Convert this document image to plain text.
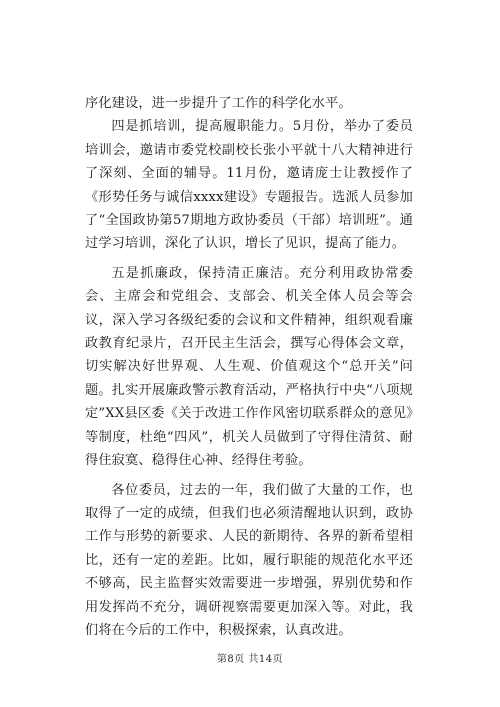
序化建设，进一步提升了工作的科学化水平。

四是抓培训，提高履职能力。5月份，举办了委员培训会，邀请市委党校副校长张小平就十八大精神进行了深刻、全面的辅导。11月份，邀请庞士让教授作了《形势任务与诚信xxxx建设》专题报告。选派人员参加了“全国政协第57期地方政协委员（干部）培训班”。通过学习培训，深化了认识，增长了见识，提高了能力。

五是抓廉政，保持清正廉洁。充分利用政协常委会、主席会和党组会、支部会、机关全体人员会等会议，深入学习各级纪委的会议和文件精神，组织观看廉政教育纪录片，召开民主生活会，撰写心得体会文章，切实解决好世界观、人生观、价值观这个“总开关”问题。扎实开展廉政警示教育活动，严格执行中央“八项规定”XX县区委《关于改进工作作风密切联系群众的意见》等制度，杜绝“四风”，机关人员做到了守得住清贫、耐得住寂寞、稳得住心神、经得住考验。

各位委员，过去的一年，我们做了大量的工作，也取得了一定的成绩，但我们也必须清醒地认识到，政协工作与形势的新要求、人民的新期待、各界的新希望相比，还有一定的差距。比如，履行职能的规范化水平还不够高，民主监督实效需要进一步增强，界别优势和作用发挥尚不充分，调研视察需要更加深入等。对此，我们将在今后的工作中，积极探索，认真改进。

第8页 共14页
